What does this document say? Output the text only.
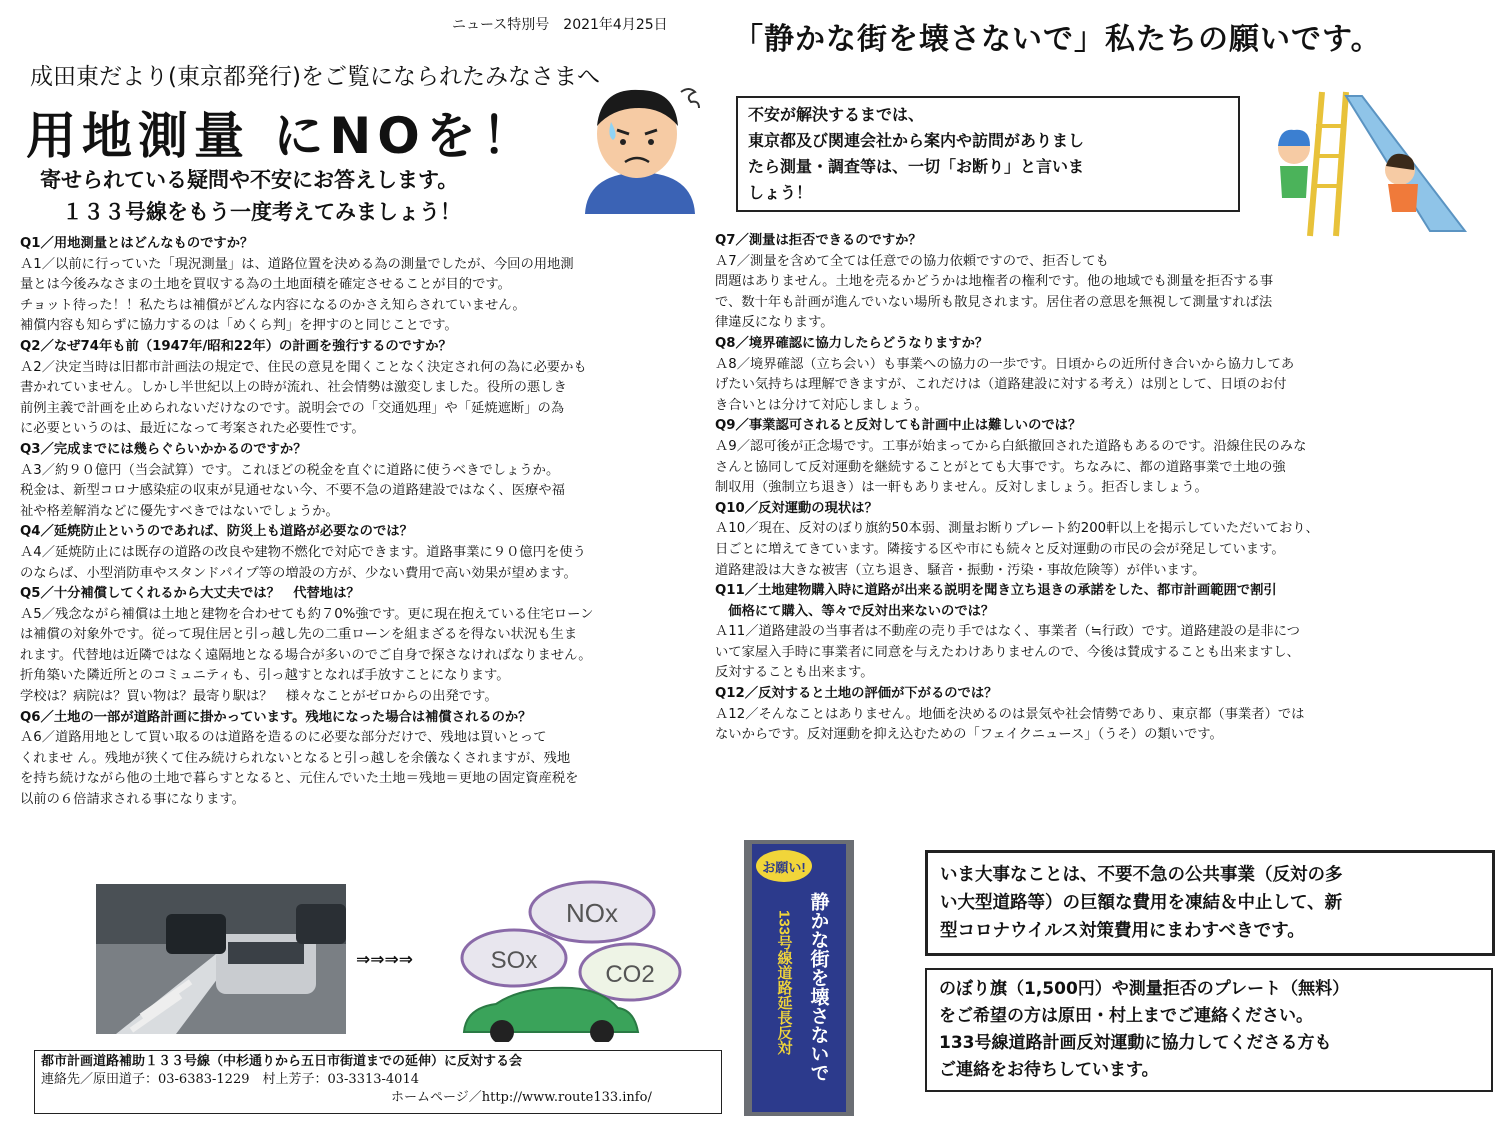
ニュース特別号　2021年4月25日 「静かな街を壊さないで」私たちの願いです。
成田東だより(東京都発行)をご覧になられたみなさまへ
用地測量 にNOを！
寄せられている疑問や不安にお答えします。
１３３号線をもう一度考えてみましょう！
不安が解決するまでは、
東京都及び関連会社から案内や訪問がありまし
たら測量・調査等は、一切「お断り」と言いま
しょう！
Q1／用地測量とはどんなものですか？
Ａ1／以前に行っていた「現況測量」は、道路位置を決める為の測量でしたが、今回の用地測
量とは今後みなさまの土地を買収する為の土地面積を確定させることが目的です。
チョット待った！！私たちは補償がどんな内容になるのかさえ知らされていません。
補償内容も知らずに協力するのは「めくら判」を押すのと同じことです。
Q2／なぜ74年も前（1947年/昭和22年）の計画を強行するのですか？
Ａ2／決定当時は旧都市計画法の規定で、住民の意見を聞くことなく決定され何の為に必要かも
書かれていません。しかし半世紀以上の時が流れ、社会情勢は激変しました。役所の悪しき
前例主義で計画を止められないだけなのです。説明会での「交通処理」や「延焼遮断」の為
に必要というのは、最近になって考案された必要性です。
Q3／完成までには幾らぐらいかかるのですか？
Ａ3／約９０億円（当会試算）です。これほどの税金を直ぐに道路に使うべきでしょうか。
税金は、新型コロナ感染症の収束が見通せない今、不要不急の道路建設ではなく、医療や福
祉や格差解消などに優先すべきではないでしょうか。
Q4／延焼防止というのであれば、防災上も道路が必要なのでは？
Ａ4／延焼防止には既存の道路の改良や建物不燃化で対応できます。道路事業に９０億円を使う
のならば、小型消防車やスタンドパイプ等の増設の方が、少ない費用で高い効果が望めます。
Q5／十分補償してくれるから大丈夫では？　代替地は？
Ａ5／残念ながら補償は土地と建物を合わせても約７0%強です。更に現在抱えている住宅ローン
は補償の対象外です。従って現住居と引っ越し先の二重ローンを組まざるを得ない状況も生ま
れます。代替地は近隣ではなく遠隔地となる場合が多いのでご自身で探さなければなりません。
折角築いた隣近所とのコミュニティも、引っ越すとなれば手放すことになります。
学校は？病院は？買い物は？最寄り駅は？　様々なことがゼロからの出発です。
Q6／土地の一部が道路計画に掛かっています。残地になった場合は補償されるのか？
Ａ6／道路用地として買い取るのは道路を造るのに必要な部分だけで、残地は買いとって
くれませ ん。残地が狭くて住み続けられないとなると引っ越しを余儀なくされますが、残地
を持ち続けながら他の土地で暮らすとなると、元住んでいた土地＝残地＝更地の固定資産税を
以前の６倍請求される事になります。
Q7／測量は拒否できるのですか？
Ａ7／測量を含めて全ては任意での協力依頼ですので、拒否しても
問題はありません。土地を売るかどうかは地権者の権利です。他の地域でも測量を拒否する事
で、数十年も計画が進んでいない場所も散見されます。居住者の意思を無視して測量すれば法
律違反になります。
Q8／境界確認に協力したらどうなりますか？
Ａ8／境界確認（立ち会い）も事業への協力の一歩です。日頃からの近所付き合いから協力してあ
げたい気持ちは理解できますが、これだけは（道路建設に対する考え）は別として、日頃のお付
き合いとは分けて対応しましょう。
Q9／事業認可されると反対しても計画中止は難しいのでは？
Ａ9／認可後が正念場です。工事が始まってから白紙撤回された道路もあるのです。沿線住民のみな
さんと協同して反対運動を継続することがとても大事です。ちなみに、都の道路事業で土地の強
制収用（強制立ち退き）は一軒もありません。反対しましょう。拒否しましょう。
Q10／反対運動の現状は？
Ａ10／現在、反対のぼり旗約50本弱、測量お断りプレート約200軒以上を掲示していただいており、
日ごとに増えてきています。隣接する区や市にも続々と反対運動の市民の会が発足しています。
道路建設は大きな被害（立ち退き、騒音・振動・汚染・事故危険等）が伴います。
Q11／土地建物購入時に道路が出来る説明を聞き立ち退きの承諾をした、都市計画範囲で割引
　価格にて購入、等々で反対出来ないのでは？
Ａ11／道路建設の当事者は不動産の売り手ではなく、事業者（≒行政）です。道路建設の是非につ
いて家屋入手時に事業者に同意を与えたわけありませんので、今後は賛成することも出来ますし、
反対することも出来ます。
Q12／反対すると土地の評価が下がるのでは？
Ａ12／そんなことはありません。地価を決めるのは景気や社会情勢であり、東京都（事業者）では
ないからです。反対運動を抑え込むための「フェイクニュース」（うそ）の類いです。
⇒⇒⇒⇒
NOx
SOx
CO2
都市計画道路補助１３３号線（中杉通りから五日市街道までの延伸）に反対する会
連絡先／原田道子：03-6383-1229　村上芳子：03-3313-4014
ホームページ／http://www.route133.info/
お願い!
静かな街を壊さないで
133号線道路延長反対
いま大事なことは、不要不急の公共事業（反対の多
い大型道路等）の巨額な費用を凍結＆中止して、新
型コロナウイルス対策費用にまわすべきです。
のぼり旗（1,500円）や測量拒否のプレート（無料）
をご希望の方は原田・村上までご連絡ください。
133号線道路計画反対運動に協力してくださる方も
ご連絡をお待ちしています。
